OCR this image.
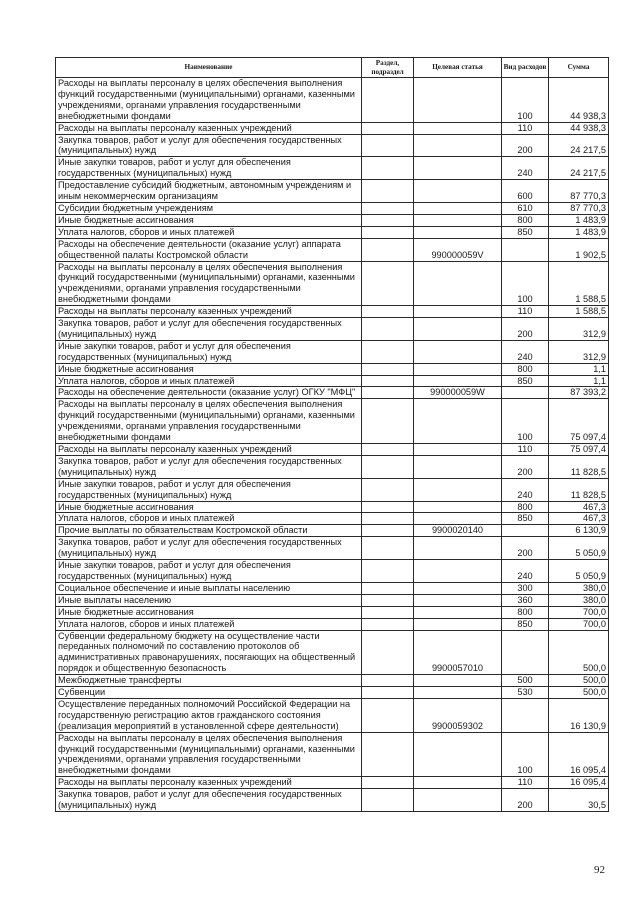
Наименование	Раздел, подраздел	Целевая статья	Вид расходов	Сумма
Расходы на выплаты персоналу в целях обеспечения выполнения функций государственными (муниципальными) органами, казенными учреждениями, органами управления государственными внебюджетными фондами			100	44 938,3
Расходы на выплаты персоналу казенных учреждений			110	44 938,3
Закупка товаров, работ и услуг для обеспечения государственных (муниципальных) нужд			200	24 217,5
Иные закупки товаров, работ и услуг для обеспечения государственных (муниципальных) нужд			240	24 217,5
Предоставление субсидий бюджетным, автономным учреждениям и иным некоммерческим организациям			600	87 770,3
Субсидии бюджетным учреждениям			610	87 770,3
Иные бюджетные ассигнования			800	1 483,9
Уплата налогов, сборов и иных платежей			850	1 483,9
Расходы на обеспечение деятельности (оказание услуг) аппарата общественной палаты Костромской области		990000059V		1 902,5
Расходы на выплаты персоналу в целях обеспечения выполнения функций государственными (муниципальными) органами, казенными учреждениями, органами управления государственными внебюджетными фондами			100	1 588,5
Расходы на выплаты персоналу казенных учреждений			110	1 588,5
Закупка товаров, работ и услуг для обеспечения государственных (муниципальных) нужд			200	312,9
Иные закупки товаров, работ и услуг для обеспечения государственных (муниципальных) нужд			240	312,9
Иные бюджетные ассигнования			800	1,1
Уплата налогов, сборов и иных платежей			850	1,1
Расходы на обеспечение деятельности (оказание услуг) ОГКУ "МФЦ"		990000059W		87 393,2
Расходы на выплаты персоналу в целях обеспечения выполнения функций государственными (муниципальными) органами, казенными учреждениями, органами управления государственными внебюджетными фондами			100	75 097,4
Расходы на выплаты персоналу казенных учреждений			110	75 097,4
Закупка товаров, работ и услуг для обеспечения государственных (муниципальных) нужд			200	11 828,5
Иные закупки товаров, работ и услуг для обеспечения государственных (муниципальных) нужд			240	11 828,5
Иные бюджетные ассигнования			800	467,3
Уплата налогов, сборов и иных платежей			850	467,3
Прочие выплаты по обязательствам Костромской области		9900020140		6 130,9
Закупка товаров, работ и услуг для обеспечения государственных (муниципальных) нужд			200	5 050,9
Иные закупки товаров, работ и услуг для обеспечения государственных (муниципальных) нужд			240	5 050,9
Социальное обеспечение и иные выплаты населению			300	380,0
Иные выплаты населению			360	380,0
Иные бюджетные ассигнования			800	700,0
Уплата налогов, сборов и иных платежей			850	700,0
Субвенции федеральному бюджету на осуществление части переданных полномочий по составлению протоколов об административных правонарушениях, посягающих на общественный порядок и общественную безопасность		9900057010		500,0
Межбюджетные трансферты			500	500,0
Субвенции			530	500,0
Осуществление переданных полномочий Российской Федерации на государственную регистрацию актов гражданского состояния (реализация мероприятий в установленной сфере деятельности)		9900059302		16 130,9
Расходы на выплаты персоналу в целях обеспечения выполнения функций государственными (муниципальными) органами, казенными учреждениями, органами управления государственными внебюджетными фондами			100	16 095,4
Расходы на выплаты персоналу казенных учреждений			110	16 095,4
Закупка товаров, работ и услуг для обеспечения государственных (муниципальных) нужд			200	30,5
92
